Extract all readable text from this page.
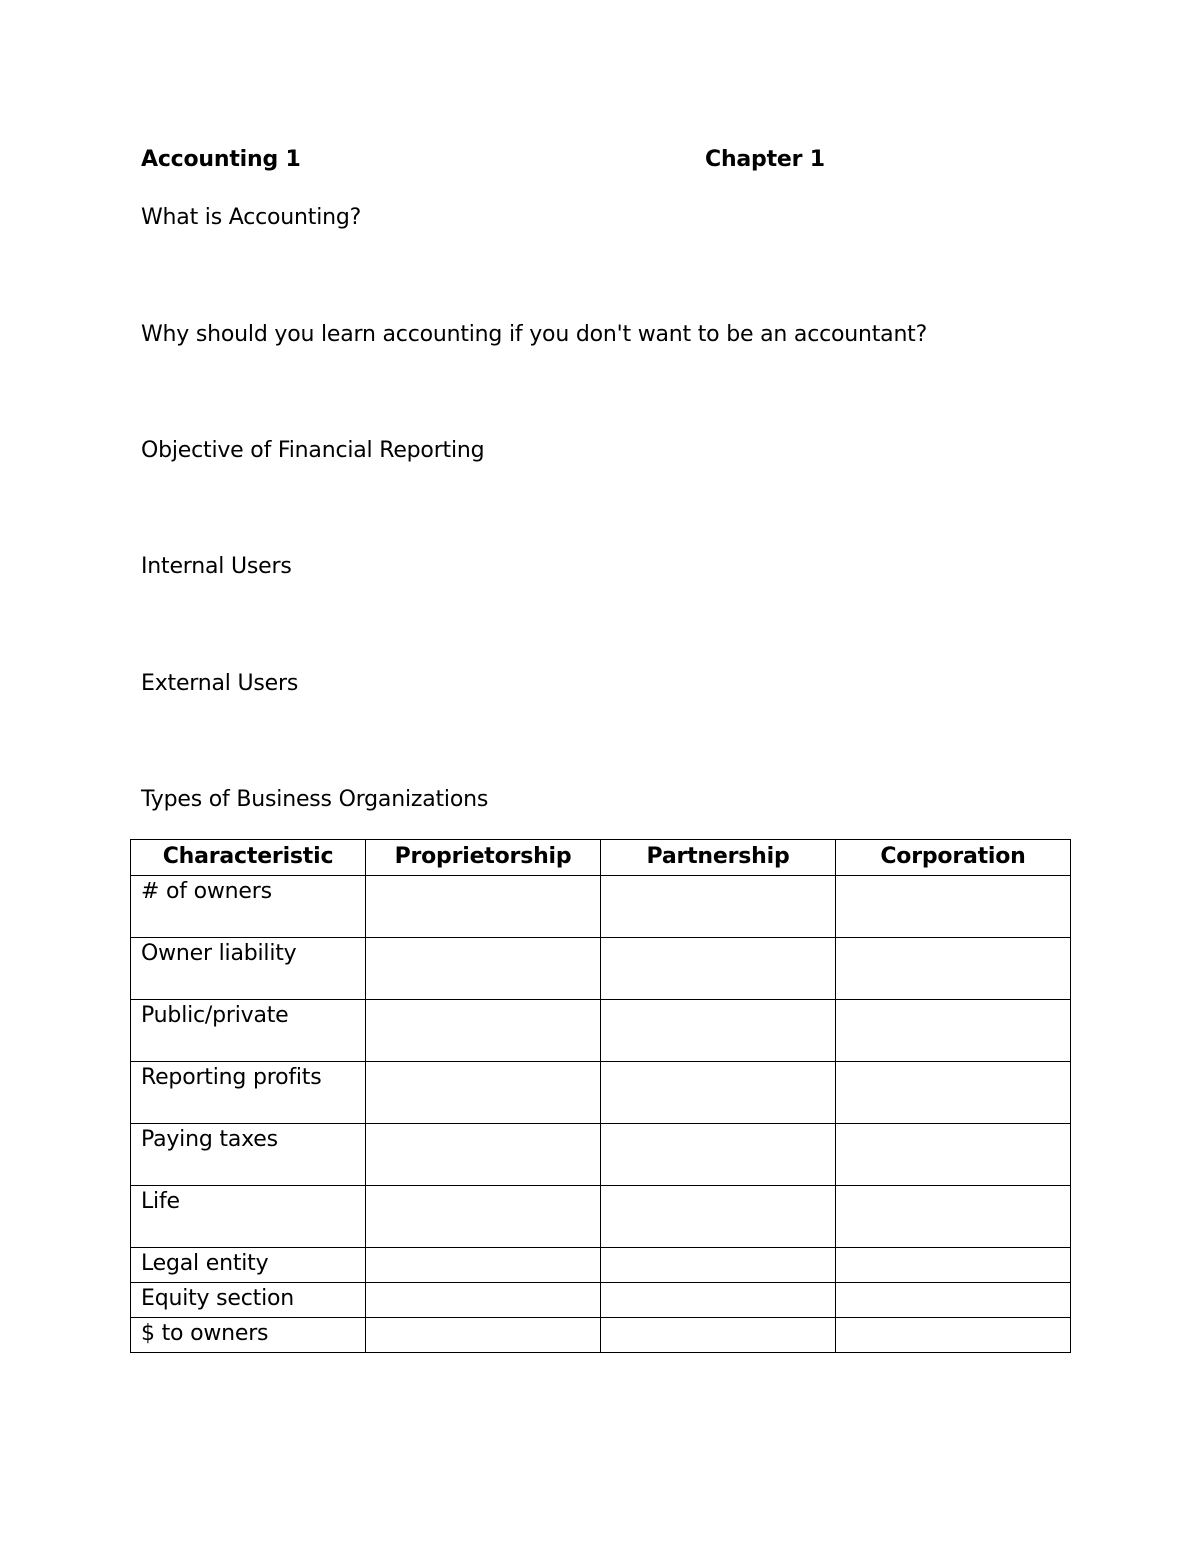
Accounting 1	Chapter 1
What is Accounting?
Why should you learn accounting if you don't want to be an accountant?
Objective of Financial Reporting
Internal Users
External Users
Types of Business Organizations
Characteristic	Proprietorship	Partnership	Corporation
# of owners			
Owner liability			
Public/private			
Reporting profits			
Paying taxes			
Life			
Legal entity			
Equity section			
$ to owners			
